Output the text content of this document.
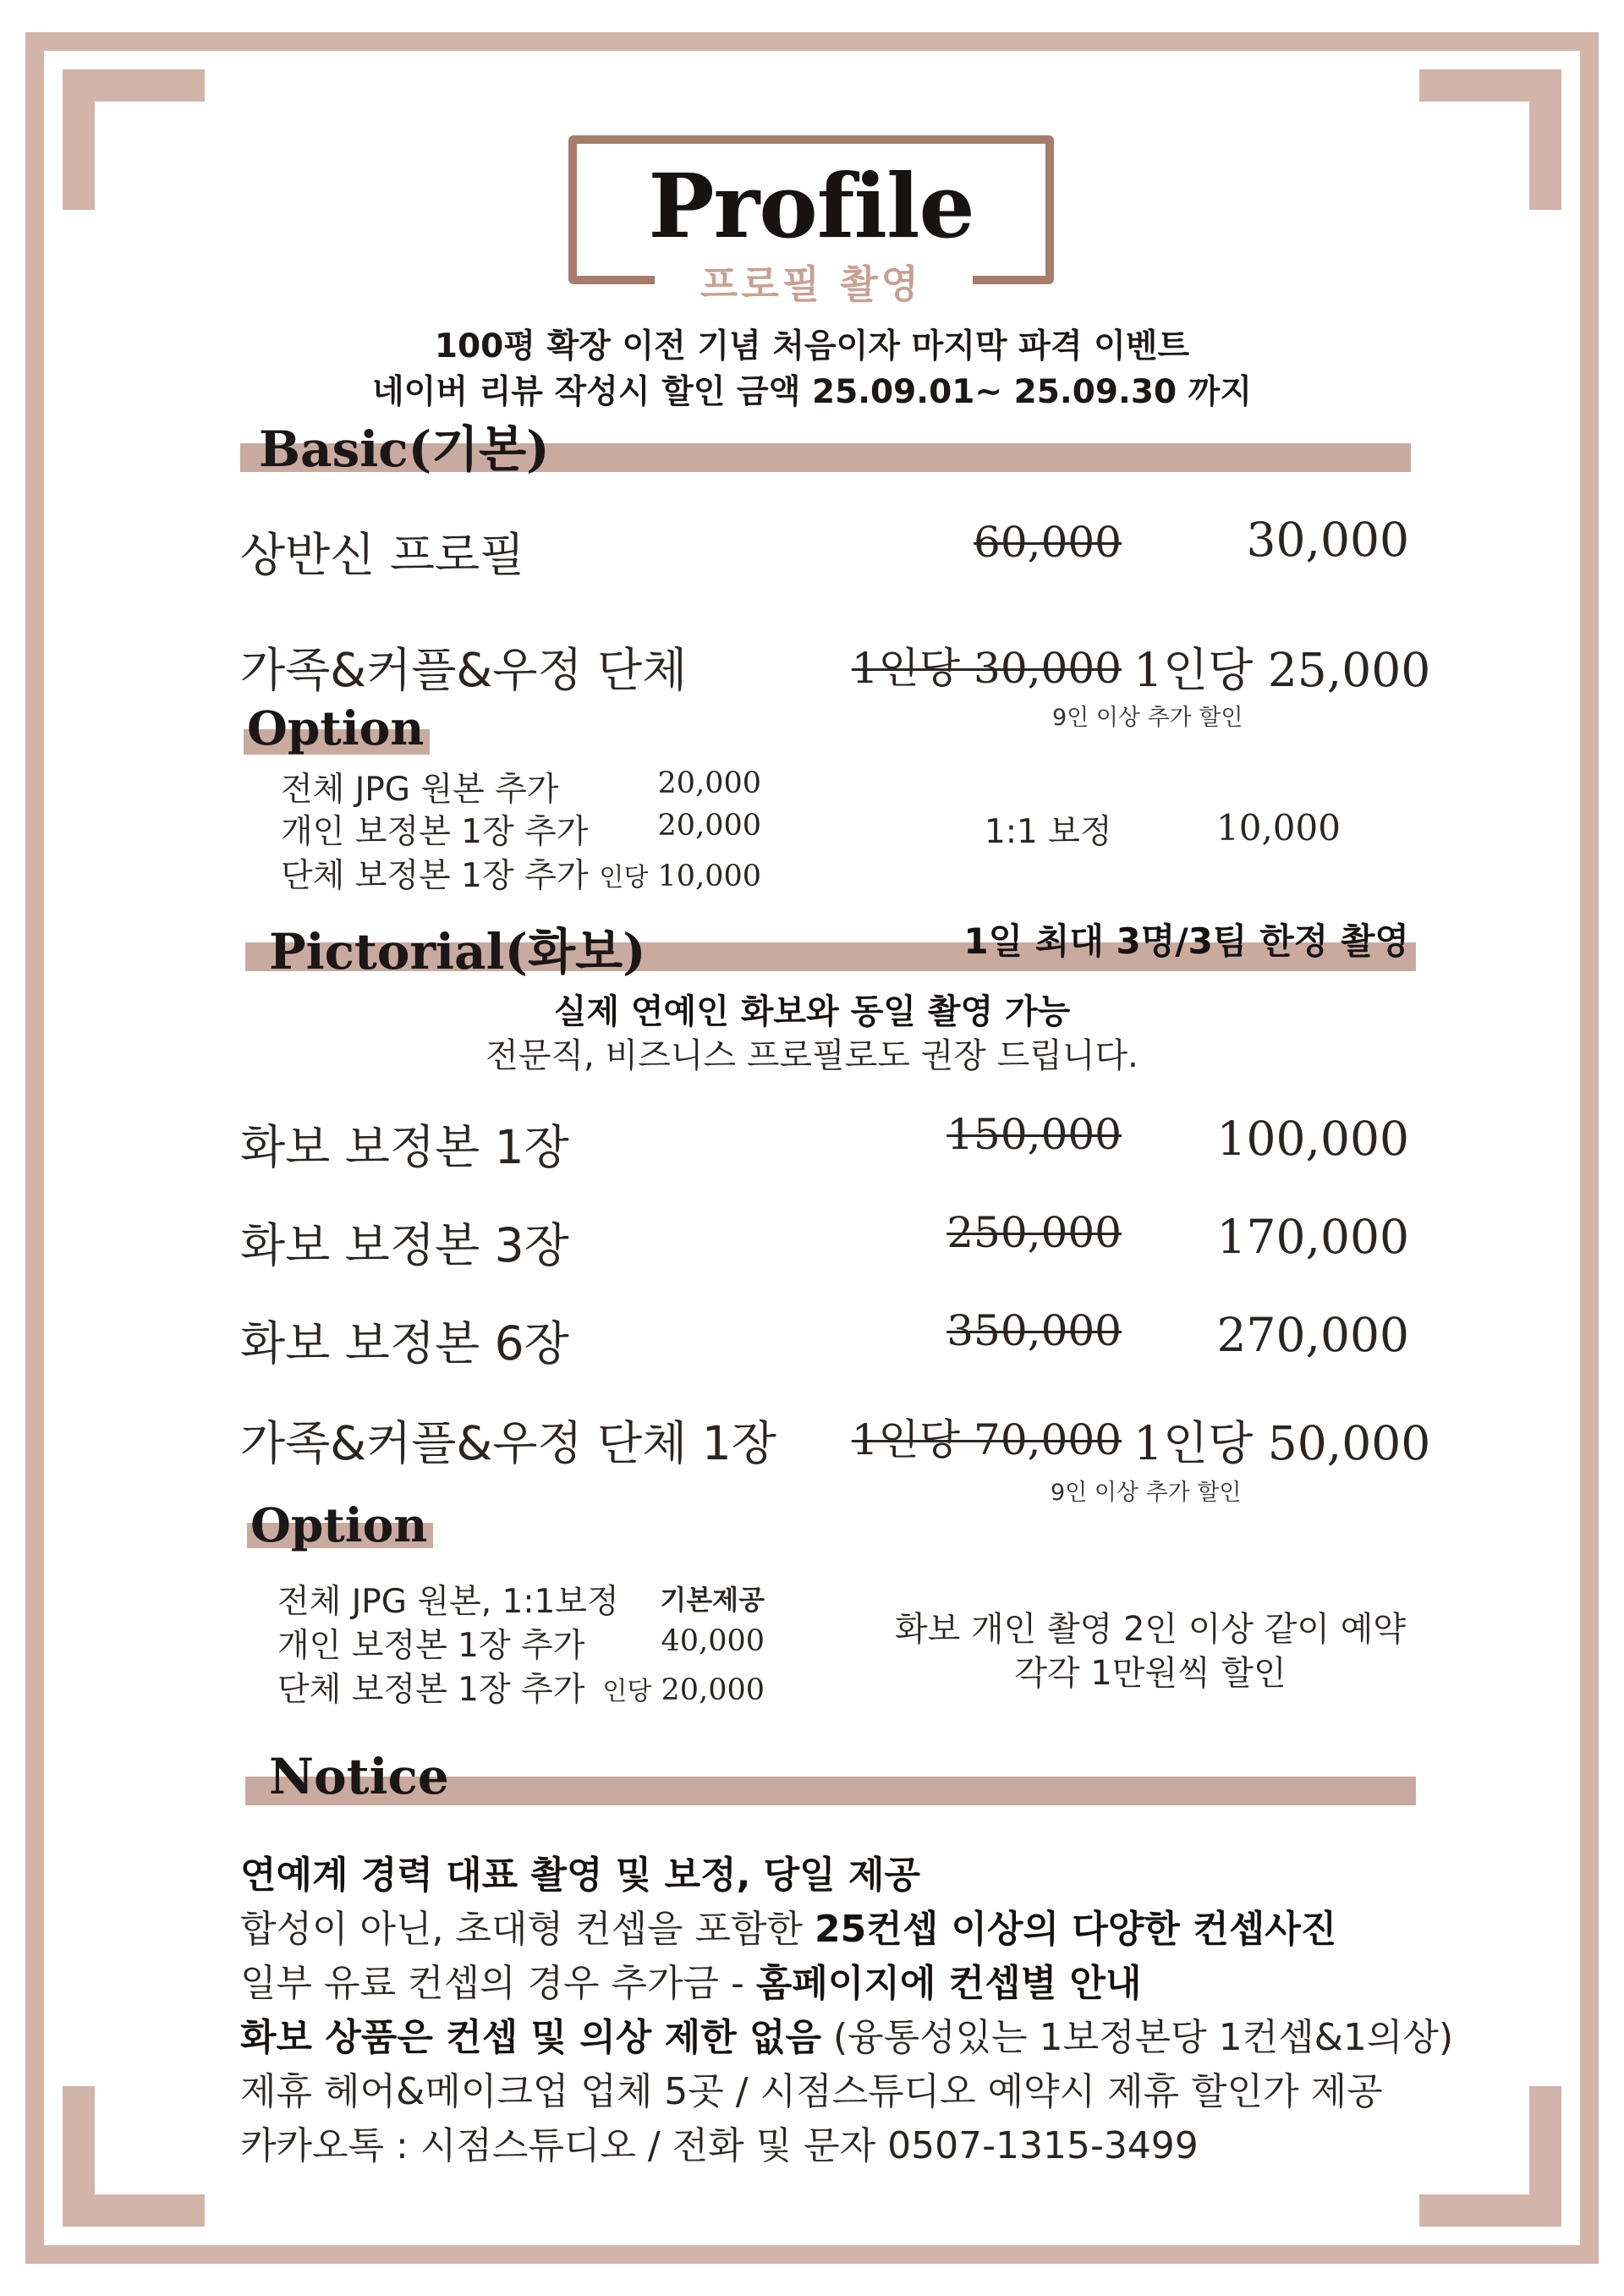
Profile
프로필 촬영
100평 확장 이전 기념 처음이자 마지막 파격 이벤트
네이버 리뷰 작성시 할인 금액 25.09.01~ 25.09.30 까지
Basic(기본)
상반신 프로필	60,000	30,000
가족&커플&우정 단체	1인당 30,000 1인당 25,000
9인 이상 추가 할인
Option
전체 JPG 원본 추가	20,000
개인 보정본 1장 추가	20,000
단체 보정본 1장 추가 인당 10,000
1:1 보정	10,000
Pictorial(화보)	1일 최대 3명/3팀 한정 촬영
실제 연예인 화보와 동일 촬영 가능
전문직, 비즈니스 프로필로도 권장 드립니다.
화보 보정본 1장	150,000	100,000
화보 보정본 3장	250,000	170,000
화보 보정본 6장	350,000	270,000
가족&커플&우정 단체 1장	1인당 70,000 1인당 50,000
9인 이상 추가 할인
Option
전체 JPG 원본, 1:1보정	기본제공
개인 보정본 1장 추가	40,000
단체 보정본 1장 추가 인당 20,000
화보 개인 촬영 2인 이상 같이 예약
각각 1만원씩 할인
Notice
연예계 경력 대표 촬영 및 보정, 당일 제공
합성이 아닌, 초대형 컨셉을 포함한 25컨셉 이상의 다양한 컨셉사진
일부 유료 컨셉의 경우 추가금 - 홈페이지에 컨셉별 안내
화보 상품은 컨셉 및 의상 제한 없음 (융통성있는 1보정본당 1컨셉&1의상)
제휴 헤어&메이크업 업체 5곳 / 시점스튜디오 예약시 제휴 할인가 제공
카카오톡 : 시점스튜디오 / 전화 및 문자 0507-1315-3499
